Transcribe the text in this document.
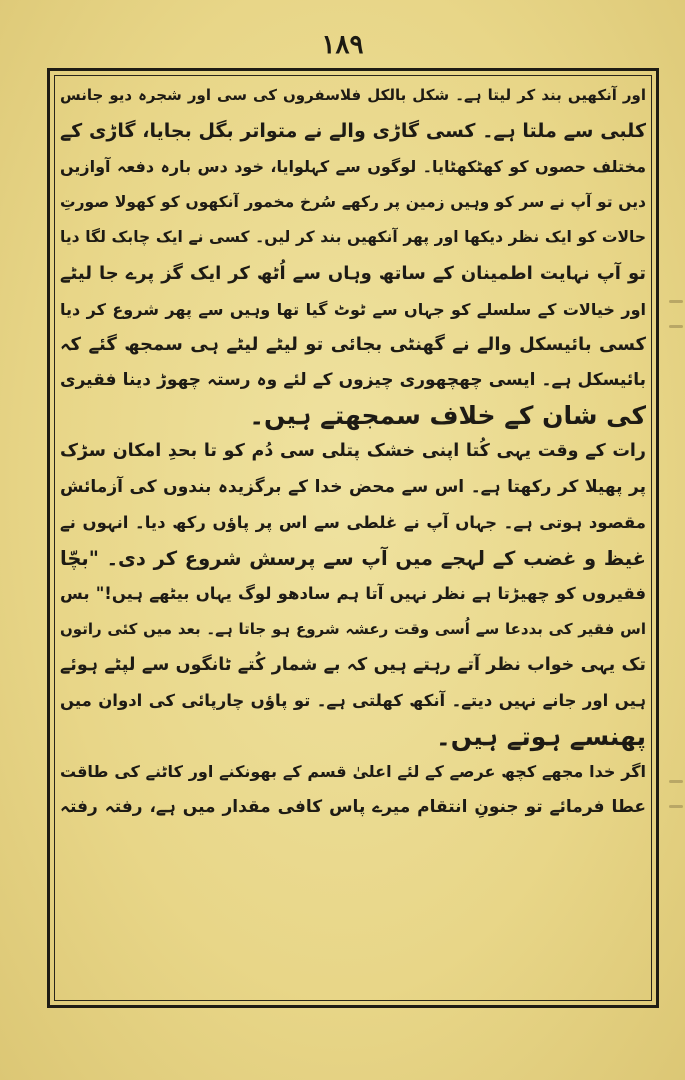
۱۸۹
اور آنکھیں بند کر لیتا ہے۔ شکل بالکل فلاسفروں کی سی اور شجرہ دیو جانس
کلبی سے ملتا ہے۔ کسی گاڑی والے نے متواتر بگل بجایا، گاڑی کے
مختلف حصوں کو کھٹکھٹایا۔ لوگوں سے کہلوایا، خود دس بارہ دفعہ آوازیں
دیں تو آپ نے سر کو وہیں زمین پر رکھے سُرخ مخمور آنکھوں کو کھولا صورتِ
حالات کو ایک نظر دیکھا اور پھر آنکھیں بند کر لیں۔ کسی نے ایک چابک لگا دیا
تو آپ نہایت اطمینان کے ساتھ وہاں سے اُٹھ کر ایک گز پرے جا لیٹے
اور خیالات کے سلسلے کو جہاں سے ٹوٹ گیا تھا وہیں سے پھر شروع کر دیا
کسی بائیسکل والے نے گھنٹی بجائی تو لیٹے لیٹے ہی سمجھ گئے کہ
بائیسکل ہے۔ ایسی چھچھوری چیزوں کے لئے وہ رستہ چھوڑ دینا فقیری
کی شان کے خلاف سمجھتے ہیں۔
رات کے وقت یہی کُتا اپنی خشک پتلی سی دُم کو تا بحدِ امکان سڑک
پر پھیلا کر رکھتا ہے۔ اس سے محض خدا کے برگزیدہ بندوں کی آزمائش
مقصود ہوتی ہے۔ جہاں آپ نے غلطی سے اس پر پاؤں رکھ دیا۔ انہوں نے
غیظ و غضب کے لہجے میں آپ سے پرسش شروع کر دی۔ "بچّا
فقیروں کو چھیڑتا ہے نظر نہیں آتا ہم سادھو لوگ یہاں بیٹھے ہیں!" بس
اس فقیر کی بددعا سے اُسی وقت رعشہ شروع ہو جاتا ہے۔ بعد میں کئی راتوں
تک یہی خواب نظر آتے رہتے ہیں کہ بے شمار کُتے ٹانگوں سے لپٹے ہوئے
ہیں اور جانے نہیں دیتے۔ آنکھ کھلتی ہے۔ تو پاؤں چارپائی کی ادوان میں
پھنسے ہوتے ہیں۔
اگر خدا مجھے کچھ عرصے کے لئے اعلیٰ قسم کے بھونکنے اور کاٹنے کی طاقت
عطا فرمائے تو جنونِ انتقام میرے پاس کافی مقدار میں ہے، رفتہ رفتہ
